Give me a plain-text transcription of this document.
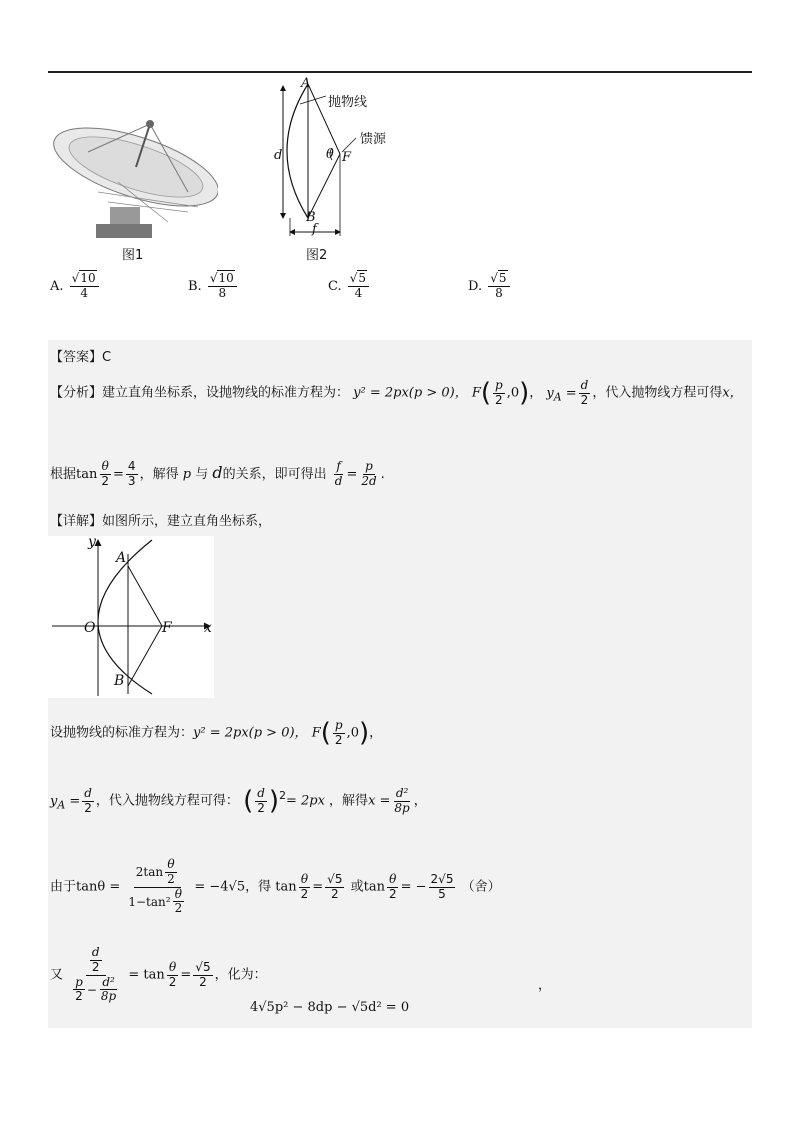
图1
A
B
F
d
f
θ
抛物线
馈源
图2
A. $\frac{√10}{4}$	B. $\frac{√10}{8}$	C. $\frac{√5}{4}$	D. $\frac{√5}{8}$
【答案】C
【分析】建立直角坐标系，设抛物线的标准方程为： y² = 2px(p > 0)， $F( \frac{p}{2} ,0)$， $y_A = \frac{d}{2}$ ，代入抛物线方程可得x，
根据$\tan \frac{\theta}{2} = \frac{4}{3}$ ，解得 p 与 d的关系，即可得出 $\frac{f}{d} = \frac{p}{2d}$ .
【详解】如图所示，建立直角坐标系，
y
x
O
A
B
F
设抛物线的标准方程为：y² = 2px(p > 0)， $F( \frac{p}{2} ,0)$，
$y_A = \frac{d}{2}$ ，代入抛物线方程可得： ( $\frac{d}{2} )^2= 2px$ ，解得$x = \frac{\text{d²}}{8p}$ ，
由于$\tan\theta = \frac{2\tan \frac{\theta}{2}}{1-\tan^2 \frac{\theta}{2}} = -4√5$，得 $\tan \frac{\theta}{2} = \frac{√5}{2}$ 或$\tan \frac{\theta}{2}$ = − $\frac{2√5}{5}$ （舍）
又 $\frac{\frac{d}{2}}{\frac{p}{2} - \frac{\text{d²}}{8p}} = \tan \frac{\theta}{2} = \frac{√5}{2}$ ，化为：
4√5p² − 8dp − √5d² = 0
，
